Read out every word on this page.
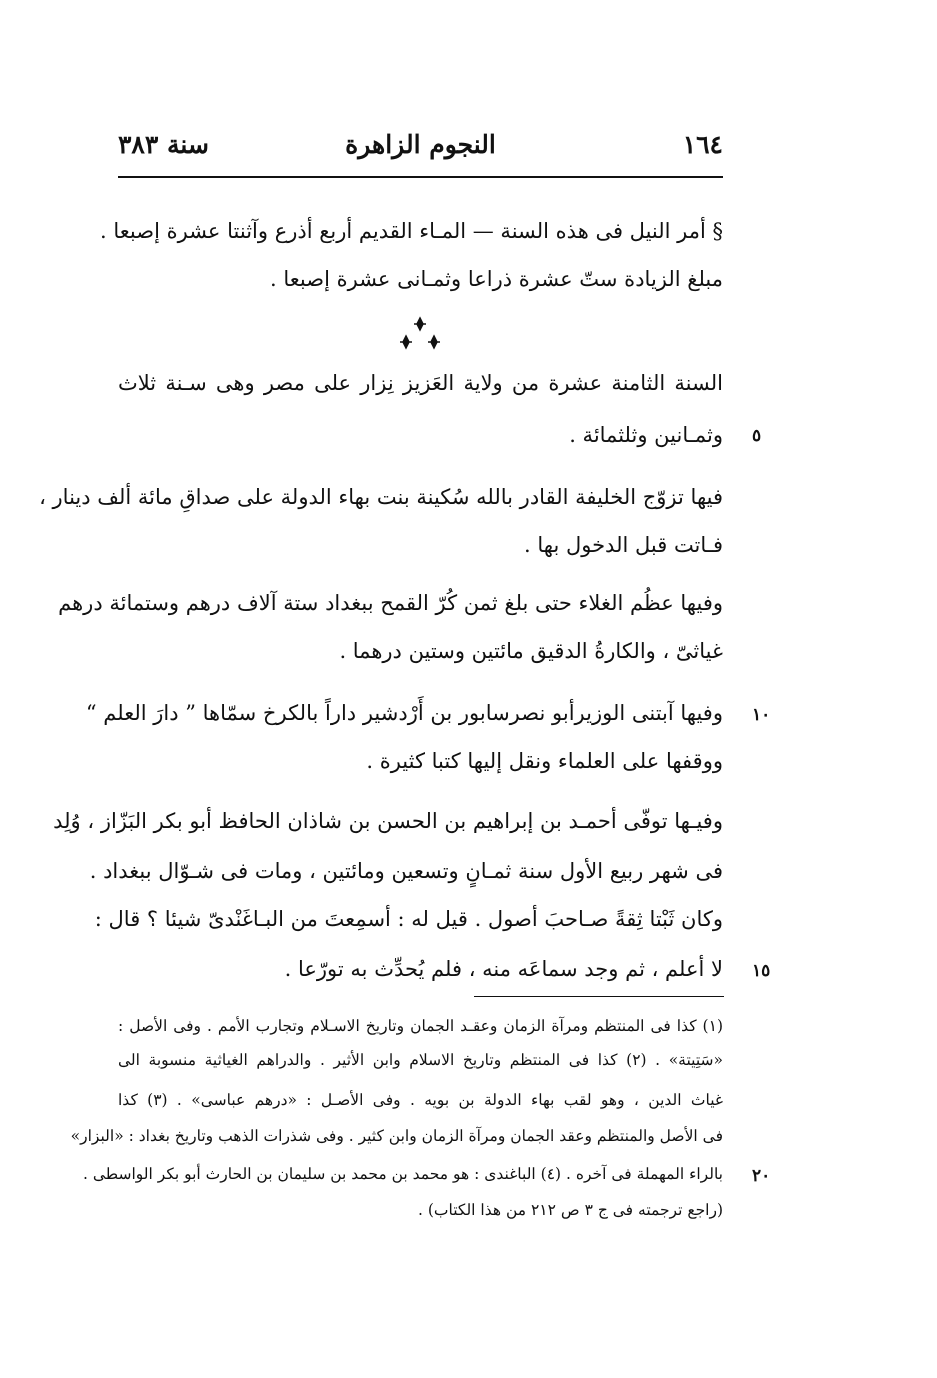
١٦٤
النجوم الزاهرة
سنة ٣٨٣
§ أمر النيل فى هذه السنة — المـاء القديم أربع أذرع وآثنتا عشرة إصبعا .
مبلغ الزيادة ستّ عشرة ذراعا وثمـانى عشرة إصبعا .
السنة الثامنة عشرة من ولاية العَزيز نِزار على مصر وهى سـنة ثلاث
وثمـانين وثلثمائة . ٥
فيها تزوّج الخليفة القادر بالله سُكينة بنت بهاء الدولة على صداقِ مائة ألف دينار ،
فـاتت قبل الدخول بها .
وفيها عظُم الغلاء حتى بلغ ثمن كُرّ القمح ببغداد ستة آلاف درهم وستمائة درهم
غياثىّ ، والكارةُ الدقيق مائتين وستين درهما .
وفيها آبتنى الوزيرأبو نصرسابور بن أَرْدشير داراً بالكرخ سمّاها ” دارَ العلم “ ١٠
ووقفها على العلماء ونقل إليها كتبا كثيرة .
وفيـها توفّى أحمـد بن إبراهيم بن الحسن بن شاذان الحافظ أبو بكر البَزّاز ، وُلِد
فى شهر ربيع الأول سنة ثمـانٍ وتسعين ومائتين ، ومات فى شـوّال ببغداد .
وكان ثَبْتا ثِقةً صـاحبَ أصول . قيل له : أسمِعتَ من البـاغَنْدىّ شيئا ؟ قال :
لا أعلم ، ثم وجد سماعَه منه ، فلم يُحدِّث به تورّعا . ١٥
(١) كذا فى المنتظم ومرآة الزمان وعقـد الجمان وتاريخ الاسـلام وتجارب الأمم . وفى الأصل :
«سَتِيتة» . (٢) كذا فى المنتظم وتاريخ الاسلام وابن الأثير . والدراهم الغياثية منسوبة الى
غياث الدين ، وهو لقب بهاء الدولة بن بويه . وفى الأصـل : «درهم عباسى» . (٣) كذا
فى الأصل والمنتظم وعقد الجمان ومرآة الزمان وابن كثير . وفى شذرات الذهب وتاريخ بغداد : «البزار»
بالراء المهملة فى آخره . (٤) الباغندى : هو محمد بن محمد بن سليمان بن الحارث أبو بكر الواسطى . ٢٠
(راجع ترجمته فى ج ٣ ص ٢١٢ من هذا الكتاب) .
